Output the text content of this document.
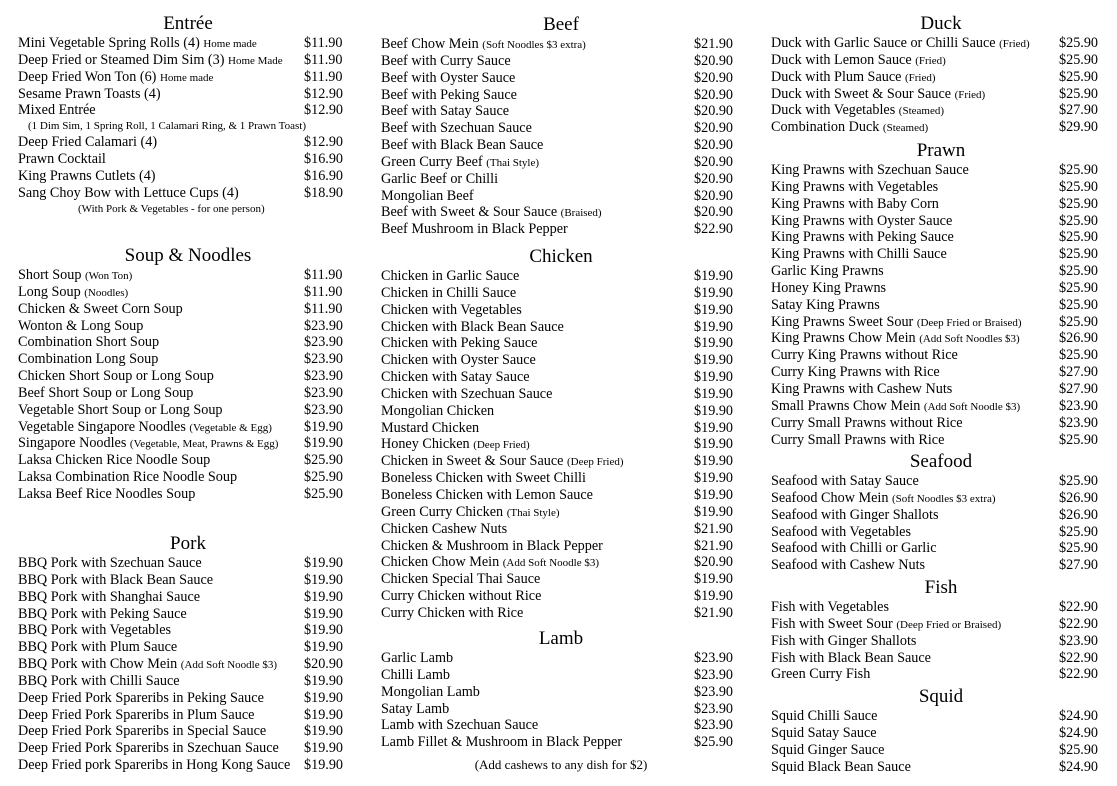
Entrée
Mini Vegetable Spring Rolls (4) Home made	$11.90
Deep Fried or Steamed Dim Sim (3) Home Made $11.90
Deep Fried Won Ton (6) Home made	$11.90
Sesame Prawn Toasts (4)	$12.90
Mixed Entrée	$12.90
(1 Dim Sim, 1 Spring Roll, 1 Calamari Ring, & 1 Prawn Toast)
Deep Fried Calamari (4)	$12.90
Prawn Cocktail	$16.90
King Prawns Cutlets (4)	$16.90
Sang Choy Bow with Lettuce Cups (4)	$18.90
(With Pork & Vegetables - for one person)
Soup & Noodles
Short Soup (Won Ton)	$11.90
Long Soup (Noodles)	$11.90
Chicken & Sweet Corn Soup	$11.90
Wonton & Long Soup	$23.90
Combination Short Soup	$23.90
Combination Long Soup	$23.90
Chicken Short Soup or Long Soup	$23.90
Beef Short Soup or Long Soup	$23.90
Vegetable Short Soup or Long Soup	$23.90
Vegetable Singapore Noodles (Vegetable & Egg) $19.90
Singapore Noodles (Vegetable, Meat, Prawns & Egg) $19.90
Laksa Chicken Rice Noodle Soup	$25.90
Laksa Combination Rice Noodle Soup	$25.90
Laksa Beef Rice Noodles Soup	$25.90
Pork
BBQ Pork with Szechuan Sauce	$19.90
BBQ Pork with Black Bean Sauce	$19.90
BBQ Pork with Shanghai Sauce	$19.90
BBQ Pork with Peking Sauce	$19.90
BBQ Pork with Vegetables	$19.90
BBQ Pork with Plum Sauce	$19.90
BBQ Pork with Chow Mein (Add Soft Noodle $3) $20.90
BBQ Pork with Chilli Sauce	$19.90
Deep Fried Pork Spareribs in Peking Sauce	$19.90
Deep Fried Pork Spareribs in Plum Sauce	$19.90
Deep Fried Pork Spareribs in Special Sauce	$19.90
Deep Fried Pork Spareribs in Szechuan Sauce $19.90
Deep Fried pork Spareribs in Hong Kong Sauce $19.90
Beef
Beef Chow Mein (Soft Noodles $3 extra)	$21.90
Beef with Curry Sauce	$20.90
Beef with Oyster Sauce	$20.90
Beef with Peking Sauce	$20.90
Beef with Satay Sauce	$20.90
Beef with Szechuan Sauce	$20.90
Beef with Black Bean Sauce	$20.90
Green Curry Beef (Thai Style)	$20.90
Garlic Beef or Chilli	$20.90
Mongolian Beef	$20.90
Beef with Sweet & Sour Sauce (Braised)	$20.90
Beef Mushroom in Black Pepper	$22.90
Chicken
Chicken in Garlic Sauce	$19.90
Chicken in Chilli Sauce	$19.90
Chicken with Vegetables	$19.90
Chicken with Black Bean Sauce	$19.90
Chicken with Peking Sauce	$19.90
Chicken with Oyster Sauce	$19.90
Chicken with Satay Sauce	$19.90
Chicken with Szechuan Sauce	$19.90
Mongolian Chicken	$19.90
Mustard Chicken	$19.90
Honey Chicken (Deep Fried)	$19.90
Chicken in Sweet & Sour Sauce (Deep Fried)	$19.90
Boneless Chicken with Sweet Chilli	$19.90
Boneless Chicken with Lemon Sauce	$19.90
Green Curry Chicken (Thai Style)	$19.90
Chicken Cashew Nuts	$21.90
Chicken & Mushroom in Black Pepper	$21.90
Chicken Chow Mein (Add Soft Noodle $3)	$20.90
Chicken Special Thai Sauce	$19.90
Curry Chicken without Rice	$19.90
Curry Chicken with Rice	$21.90
Lamb
Garlic Lamb	$23.90
Chilli Lamb	$23.90
Mongolian Lamb	$23.90
Satay Lamb	$23.90
Lamb with Szechuan Sauce	$23.90
Lamb Fillet & Mushroom in Black Pepper	$25.90
(Add cashews to any dish for $2)
Duck
Duck with Garlic Sauce or Chilli Sauce (Fried) $25.90
Duck with Lemon Sauce (Fried)	$25.90
Duck with Plum Sauce (Fried)	$25.90
Duck with Sweet & Sour Sauce (Fried)	$25.90
Duck with Vegetables (Steamed)	$27.90
Combination Duck (Steamed)	$29.90
Prawn
King Prawns with Szechuan Sauce	$25.90
King Prawns with Vegetables	$25.90
King Prawns with Baby Corn	$25.90
King Prawns with Oyster Sauce	$25.90
King Prawns with Peking Sauce	$25.90
King Prawns with Chilli Sauce	$25.90
Garlic King Prawns	$25.90
Honey King Prawns	$25.90
Satay King Prawns	$25.90
King Prawns Sweet Sour (Deep Fried or Braised)	$25.90
King Prawns Chow Mein (Add Soft Noodles $3)	$26.90
Curry King Prawns without Rice	$25.90
Curry King Prawns with Rice	$27.90
King Prawns with Cashew Nuts	$27.90
Small Prawns Chow Mein (Add Soft Noodle $3)	$23.90
Curry Small Prawns without Rice	$23.90
Curry Small Prawns with Rice	$25.90
Seafood
Seafood with Satay Sauce	$25.90
Seafood Chow Mein (Soft Noodles $3 extra)	$26.90
Seafood with Ginger Shallots	$26.90
Seafood with Vegetables	$25.90
Seafood with Chilli or Garlic	$25.90
Seafood with Cashew Nuts	$27.90
Fish
Fish with Vegetables	$22.90
Fish with Sweet Sour (Deep Fried or Braised)	$22.90
Fish with Ginger Shallots	$23.90
Fish with Black Bean Sauce	$22.90
Green Curry Fish	$22.90
Squid
Squid Chilli Sauce	$24.90
Squid Satay Sauce	$24.90
Squid Ginger Sauce	$25.90
Squid Black Bean Sauce	$24.90
